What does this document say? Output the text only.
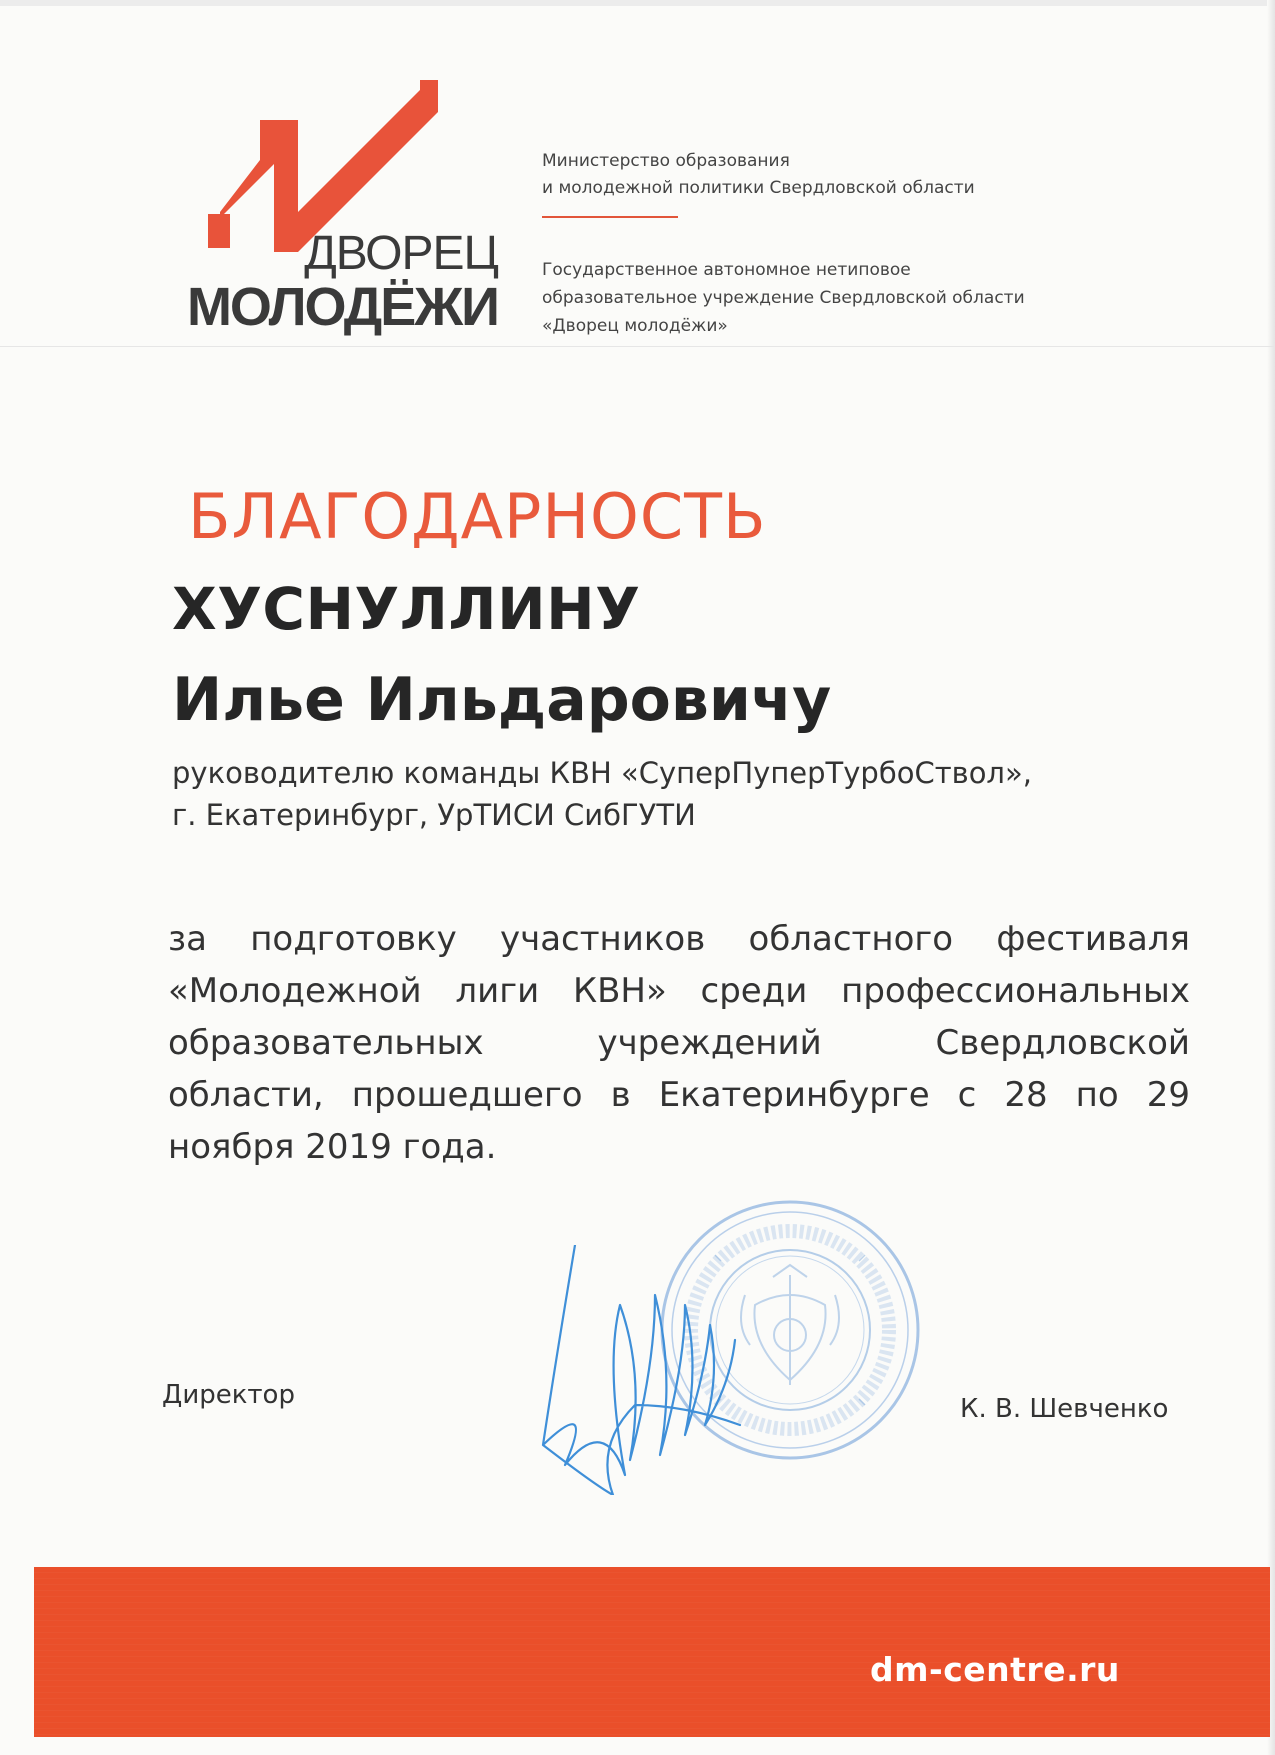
ДВОРЕЦ
МОЛОДЁЖИ
Министерство образования
и молодежной политики Свердловской области
Государственное автономное нетиповое
образовательное учреждение Свердловской области
«Дворец молодёжи»
БЛАГОДАРНОСТЬ
ХУСНУЛЛИНУ
Илье Ильдаровичу
руководителю команды КВН «СуперПуперТурбоСтвол»,
г. Екатеринбург, УрТИСИ СибГУТИ
за подготовку участников областного фестиваля
«Молодежной лиги КВН» среди профессиональных
образовательных учреждений Свердловской
области, прошедшего в Екатеринбурге с 28 по 29
ноября 2019 года.
Директор	К. В. Шевченко
dm-centre.ru
